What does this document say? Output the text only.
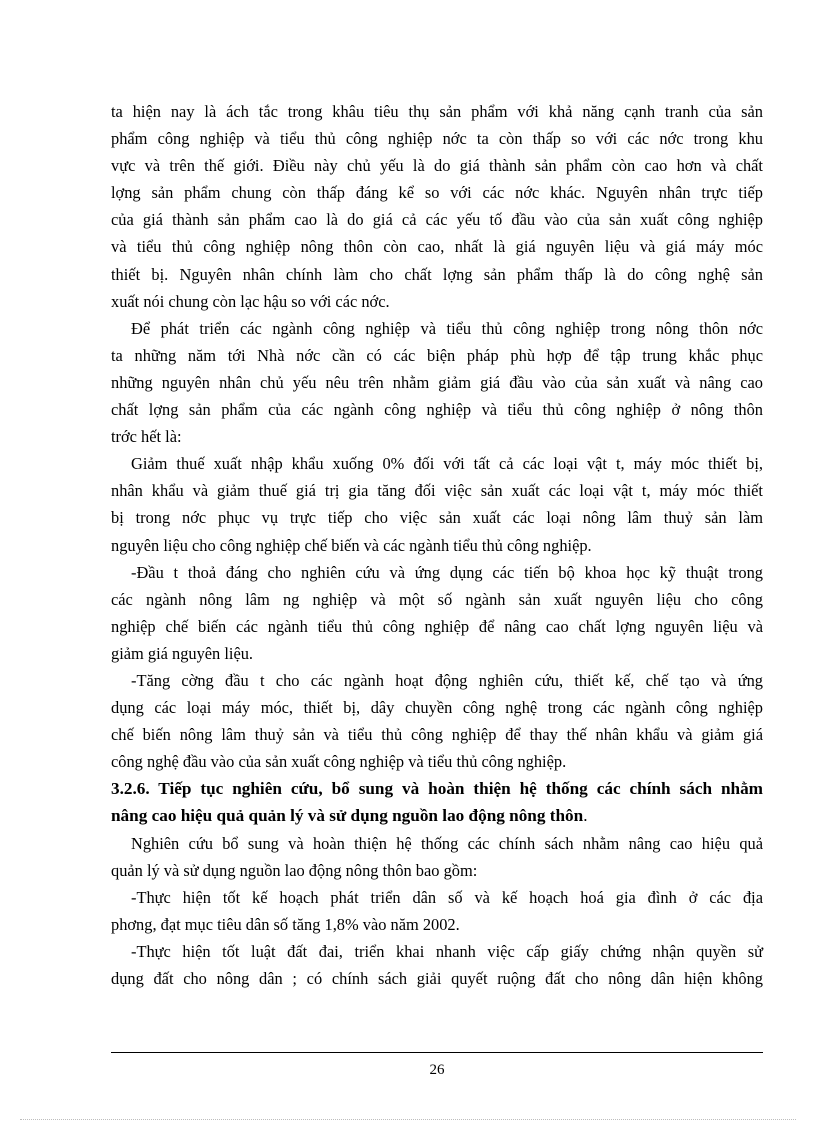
ta hiện nay là ách tắc trong khâu tiêu thụ sản phẩm với khả năng cạnh tranh của sản
phẩm công nghiệp và tiểu thủ công nghiệp nớc ta còn thấp so với các nớc trong khu
vực và trên thế giới. Điều này chủ yếu là do giá thành sản phẩm còn cao hơn và chất
lợng sản phẩm chung còn thấp đáng kể so với các nớc khác. Nguyên nhân trực tiếp
của giá thành sản phẩm cao là do giá cả các yếu tố đầu vào của sản xuất công nghiệp
và tiểu thủ công nghiệp nông thôn còn cao, nhất là giá nguyên liệu và giá máy móc
thiết bị. Nguyên nhân chính làm cho chất lợng sản phẩm thấp là do công nghệ sản
xuất nói chung còn lạc hậu so với các nớc.

Để phát triển các ngành công nghiệp và tiểu thủ công nghiệp trong nông thôn nớc
ta những năm tới Nhà nớc cần có các biện pháp phù hợp để tập trung khắc phục
những nguyên nhân chủ yếu nêu trên nhằm giảm giá đầu vào của sản xuất và nâng cao
chất lợng sản phẩm của các ngành công nghiệp và tiểu thủ công nghiệp ở nông thôn
trớc hết là:

Giảm thuế xuất nhập khẩu xuống 0% đối với tất cả các loại vật t, máy móc thiết bị,
nhân khẩu và giảm thuế giá trị gia tăng đối việc sản xuất các loại vật t, máy móc thiết
bị trong nớc phục vụ trực tiếp cho việc sản xuất các loại nông lâm thuỷ sản làm
nguyên liệu cho công nghiệp chế biến và các ngành tiểu thủ công nghiệp.

-Đầu t thoả đáng cho nghiên cứu và ứng dụng các tiến bộ khoa học kỹ thuật trong
các ngành nông lâm ng nghiệp và một số ngành sản xuất nguyên liệu cho công
nghiệp chế biến các ngành tiểu thủ công nghiệp để nâng cao chất lợng nguyên liệu và
giảm giá nguyên liệu.

-Tăng cờng đầu t cho các ngành hoạt động nghiên cứu, thiết kế, chế tạo và ứng
dụng các loại máy móc, thiết bị, dây chuyền công nghệ trong các ngành công nghiệp
chế biến nông lâm thuỷ sản và tiểu thủ công nghiệp để thay thế nhân khẩu và giảm giá
công nghệ đầu vào của sản xuất công nghiệp và tiểu thủ công nghiệp.

3.2.6. Tiếp tục nghiên cứu, bổ sung và hoàn thiện hệ thống các chính sách nhằm
nâng cao hiệu quả quản lý và sử dụng nguồn lao động nông thôn.

Nghiên cứu bổ sung và hoàn thiện hệ thống các chính sách nhằm nâng cao hiệu quả
quản lý và sử dụng nguồn lao động nông thôn bao gồm:

-Thực hiện tốt kế hoạch phát triển dân số và kế hoạch hoá gia đình ở các địa
phơng, đạt mục tiêu dân số tăng 1,8% vào năm 2002.

-Thực hiện tốt luật đất đai, triển khai nhanh việc cấp giấy chứng nhận quyền sử
dụng đất cho nông dân ; có chính sách giải quyết ruộng đất cho nông dân hiện không

26
